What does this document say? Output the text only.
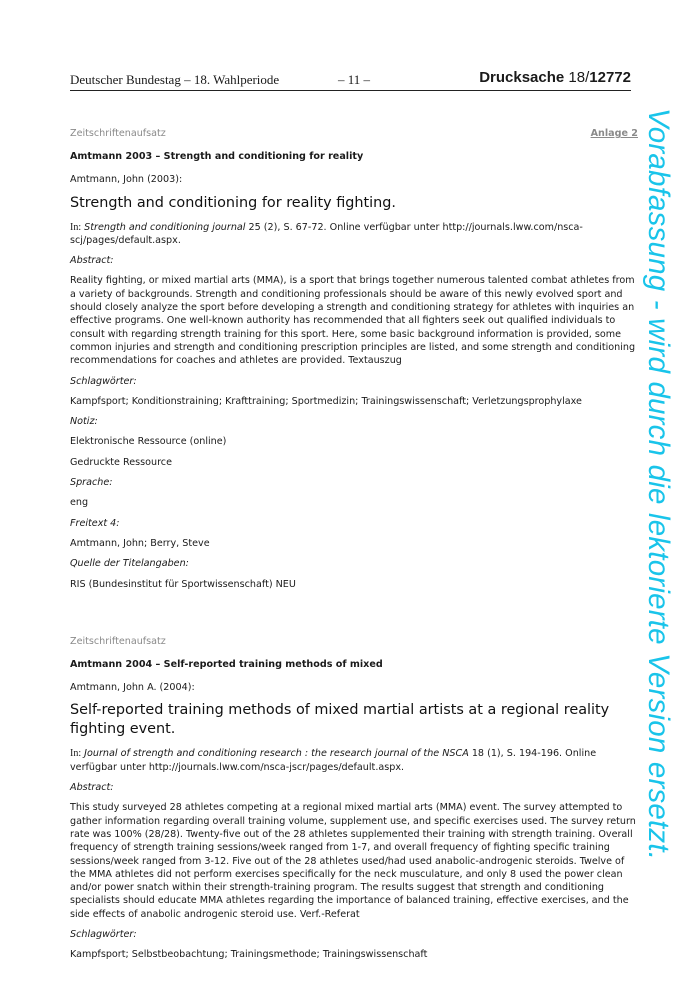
Deutscher Bundestag – 18. Wahlperiode	– 11 –	Drucksache 18/12772
Vorabfassung - wird durch die lektorierte Version ersetzt.
Zeitschriftenaufsatz	Anlage 2
Amtmann 2003 – Strength and conditioning for reality
Amtmann, John (2003):
Strength and conditioning for reality fighting.
In: Strength and conditioning journal 25 (2), S. 67-72. Online verfügbar unter http://journals.lww.com/nsca-scj/pages/default.aspx.
Abstract:
Reality fighting, or mixed martial arts (MMA), is a sport that brings together numerous talented combat athletes from a variety of backgrounds. Strength and conditioning professionals should be aware of this newly evolved sport and should closely analyze the sport before developing a strength and conditioning strategy for athletes with inquiries an effective programs. One well-known authority has recommended that all fighters seek out qualified individuals to consult with regarding strength training for this sport. Here, some basic background information is provided, some common injuries and strength and conditioning prescription principles are listed, and some strength and conditioning recommendations for coaches and athletes are provided. Textauszug
Schlagwörter:
Kampfsport; Konditionstraining; Krafttraining; Sportmedizin; Trainingswissenschaft; Verletzungsprophylaxe
Notiz:
Elektronische Ressource (online)
Gedruckte Ressource
Sprache:
eng
Freitext 4:
Amtmann, John; Berry, Steve
Quelle der Titelangaben:
RIS (Bundesinstitut für Sportwissenschaft) NEU
Zeitschriftenaufsatz
Amtmann 2004 – Self-reported training methods of mixed
Amtmann, John A. (2004):
Self-reported training methods of mixed martial artists at a regional reality fighting event.
In: Journal of strength and conditioning research : the research journal of the NSCA 18 (1), S. 194-196. Online verfügbar unter http://journals.lww.com/nsca-jscr/pages/default.aspx.
Abstract:
This study surveyed 28 athletes competing at a regional mixed martial arts (MMA) event. The survey attempted to gather information regarding overall training volume, supplement use, and specific exercises used. The survey return rate was 100% (28/28). Twenty-five out of the 28 athletes supplemented their training with strength training. Overall frequency of strength training sessions/week ranged from 1-7, and overall frequency of fighting specific training sessions/week ranged from 3-12. Five out of the 28 athletes used/had used anabolic-androgenic steroids. Twelve of the MMA athletes did not perform exercises specifically for the neck musculature, and only 8 used the power clean and/or power snatch within their strength-training program. The results suggest that strength and conditioning specialists should educate MMA athletes regarding the importance of balanced training, effective exercises, and the side effects of anabolic androgenic steroid use. Verf.-Referat
Schlagwörter:
Kampfsport; Selbstbeobachtung; Trainingsmethode; Trainingswissenschaft
